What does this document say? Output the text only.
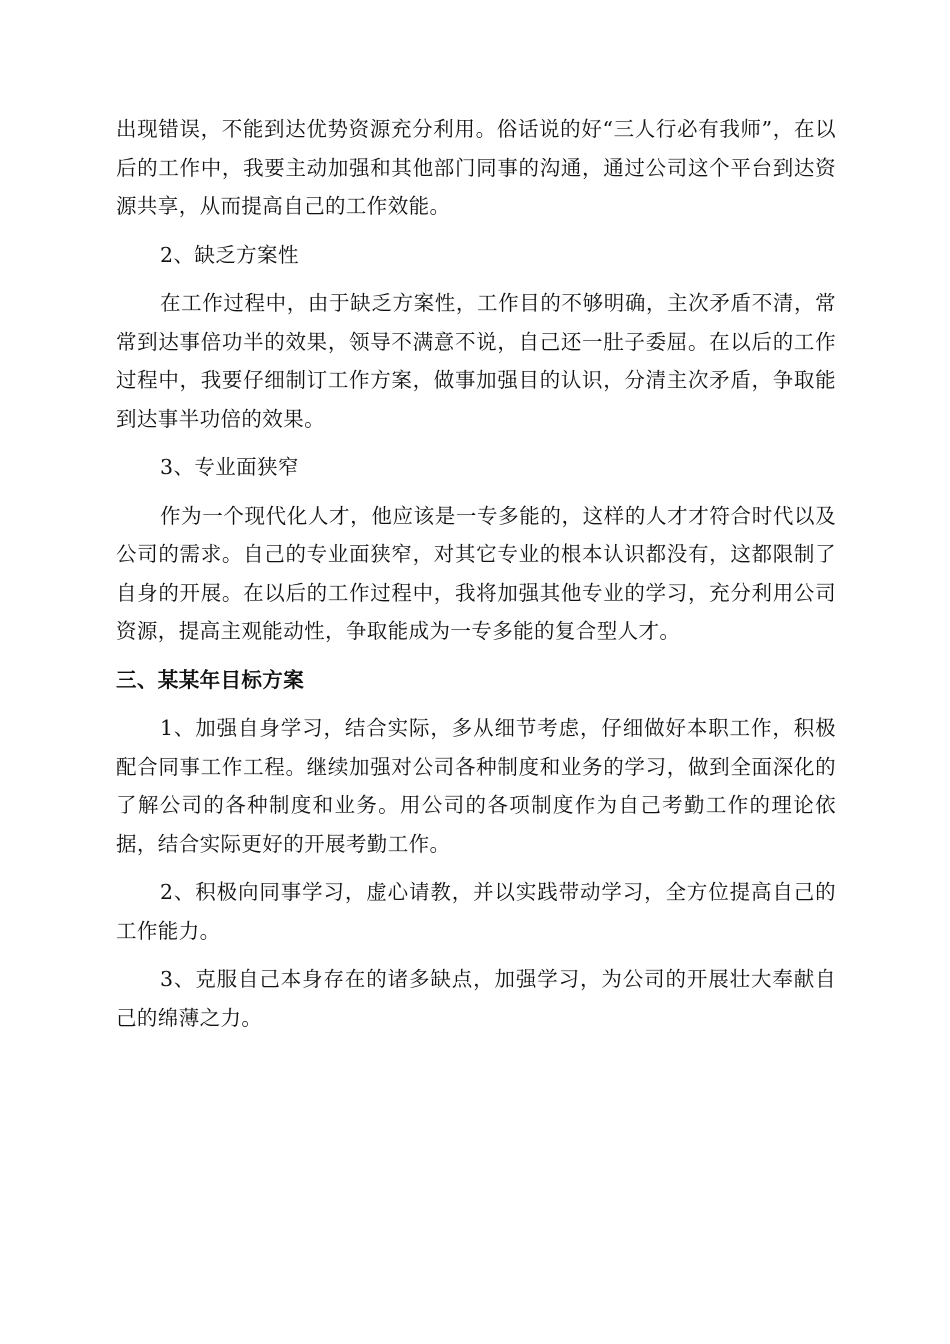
出现错误，不能到达优势资源充分利用。俗话说的好“三人行必有我师”，在以后的工作中，我要主动加强和其他部门同事的沟通，通过公司这个平台到达资源共享，从而提高自己的工作效能。

2、缺乏方案性

在工作过程中，由于缺乏方案性，工作目的不够明确，主次矛盾不清，常常到达事倍功半的效果，领导不满意不说，自己还一肚子委屈。在以后的工作过程中，我要仔细制订工作方案，做事加强目的认识，分清主次矛盾，争取能到达事半功倍的效果。

3、专业面狭窄

作为一个现代化人才，他应该是一专多能的，这样的人才才符合时代以及公司的需求。自己的专业面狭窄，对其它专业的根本认识都没有，这都限制了自身的开展。在以后的工作过程中，我将加强其他专业的学习，充分利用公司资源，提高主观能动性，争取能成为一专多能的复合型人才。

三、某某年目标方案

1、加强自身学习，结合实际，多从细节考虑，仔细做好本职工作，积极配合同事工作工程。继续加强对公司各种制度和业务的学习，做到全面深化的了解公司的各种制度和业务。用公司的各项制度作为自己考勤工作的理论依据，结合实际更好的开展考勤工作。

2、积极向同事学习，虚心请教，并以实践带动学习，全方位提高自己的工作能力。

3、克服自己本身存在的诸多缺点，加强学习，为公司的开展壮大奉献自己的绵薄之力。
